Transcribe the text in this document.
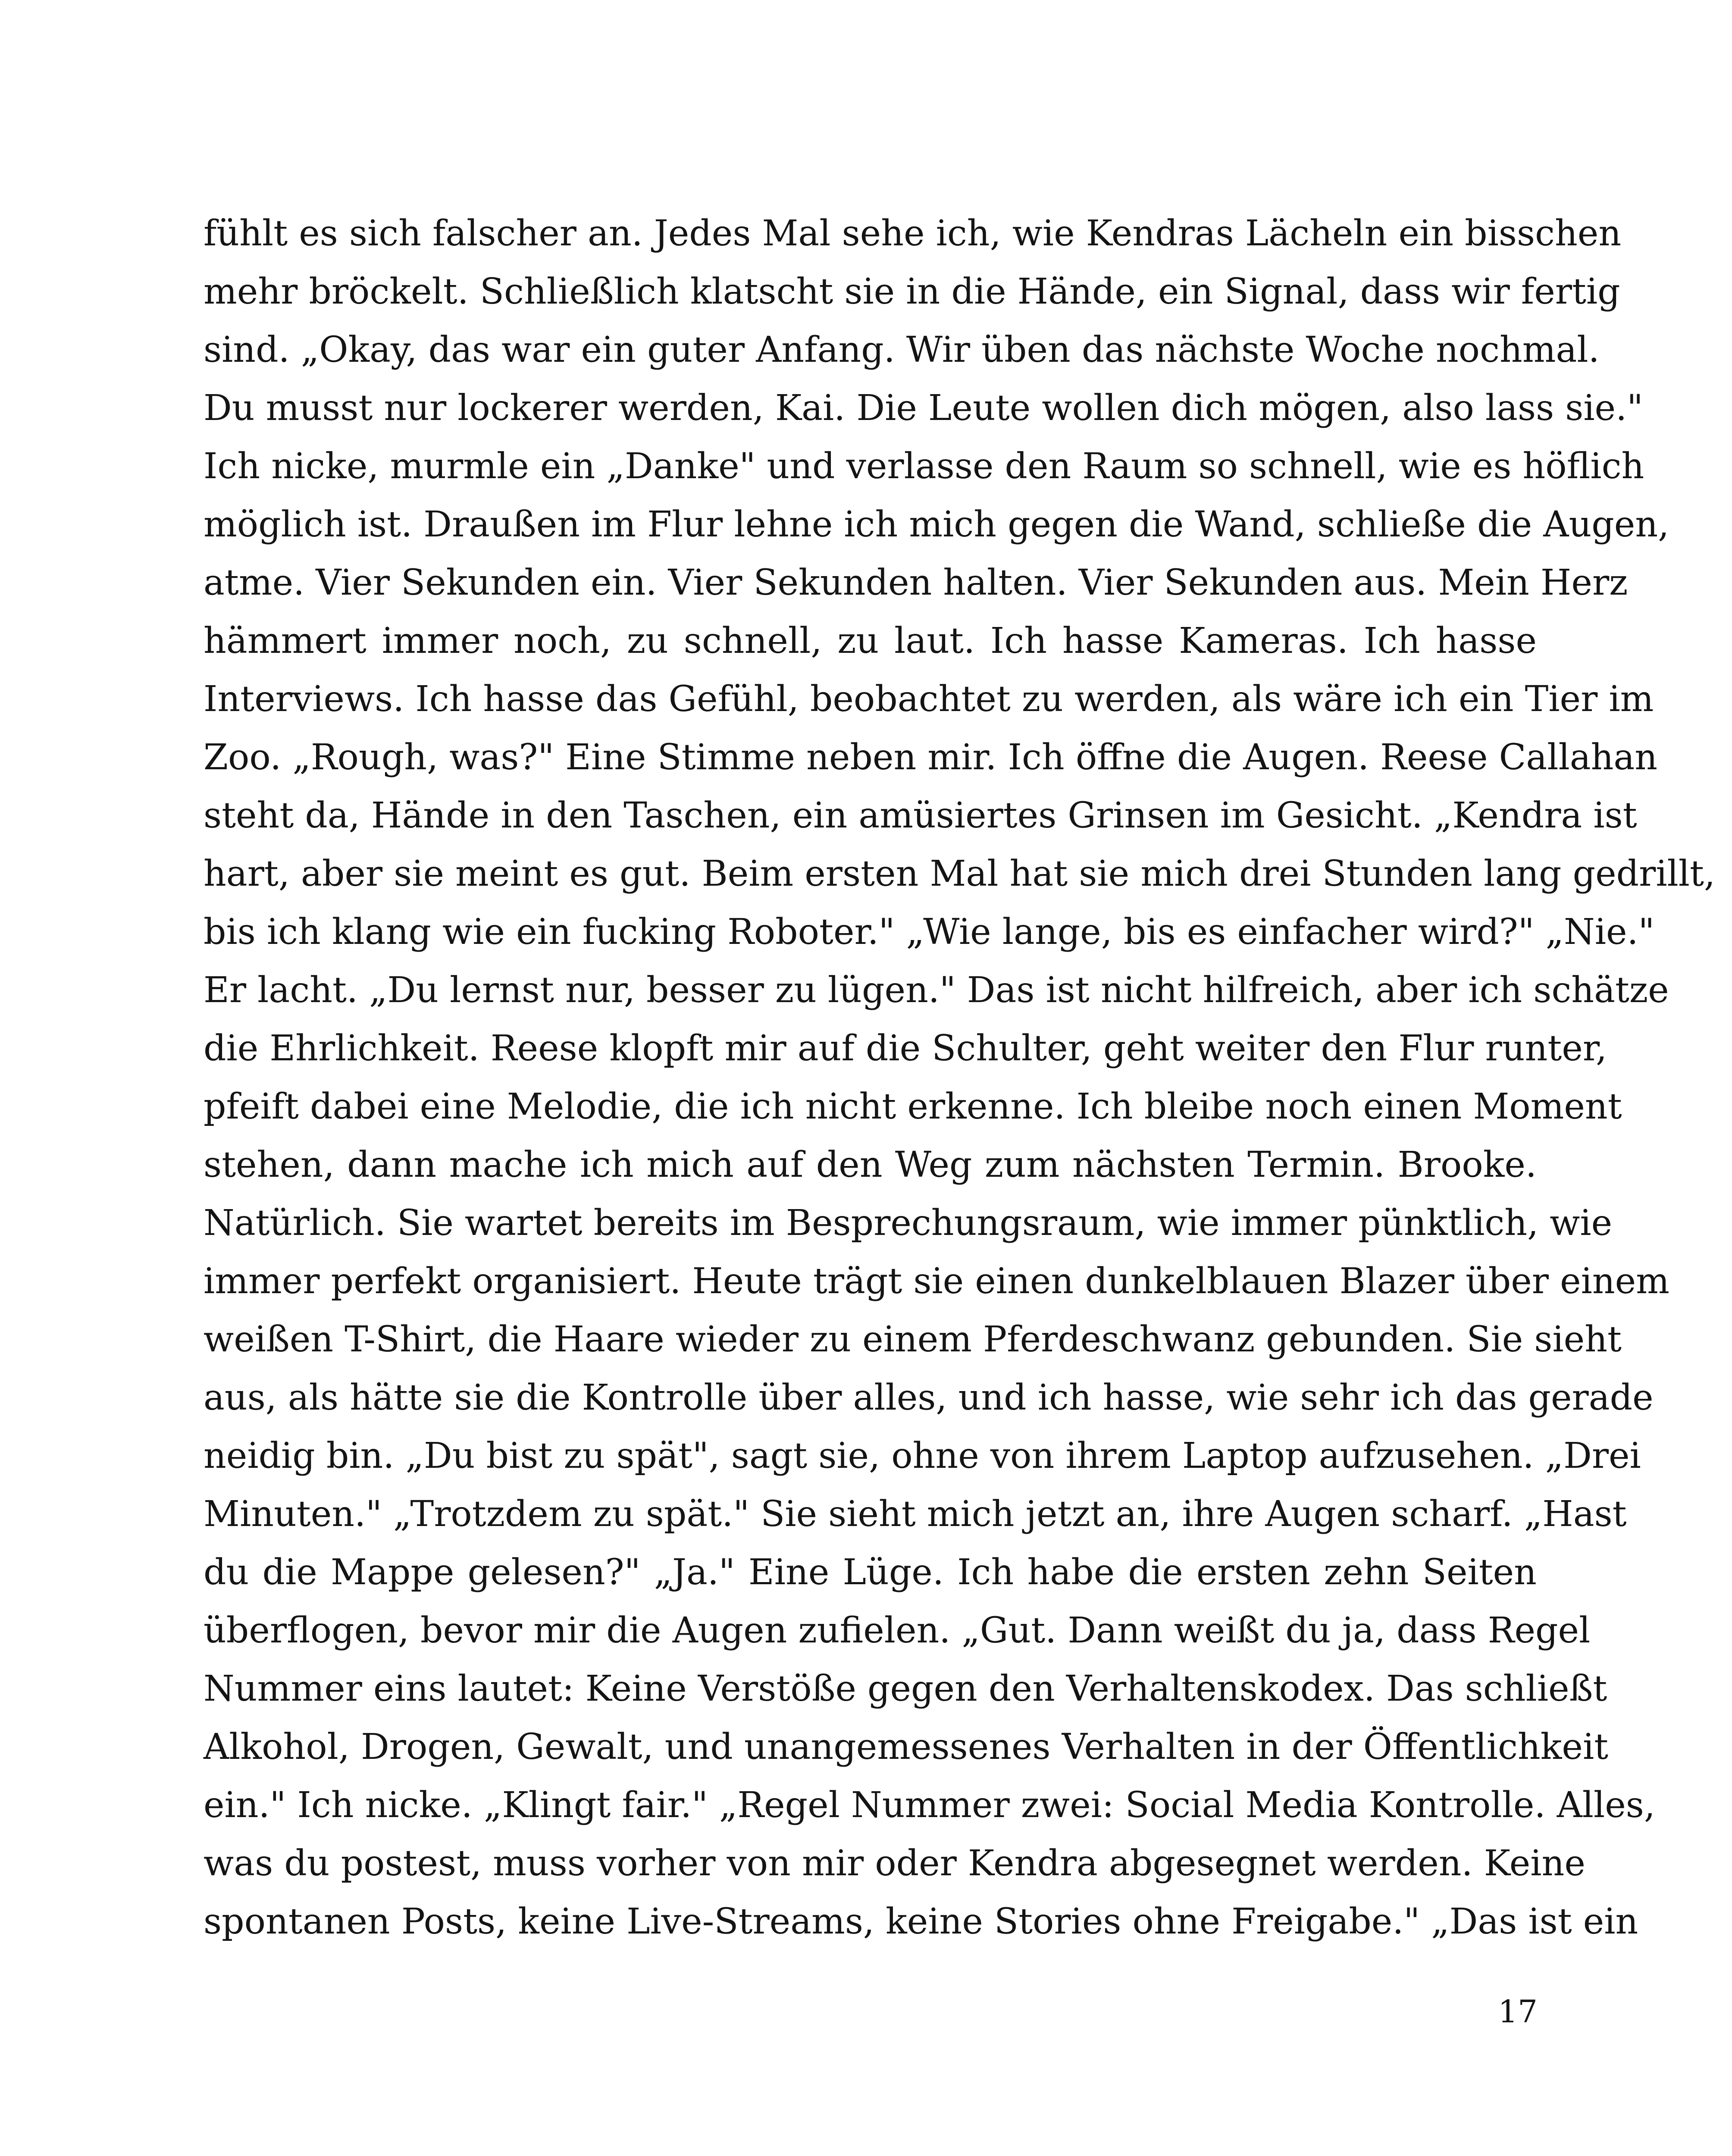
fühlt es sich falscher an. Jedes Mal sehe ich, wie Kendras Lächeln ein bisschen
mehr bröckelt. Schließlich klatscht sie in die Hände, ein Signal, dass wir fertig
sind. „Okay, das war ein guter Anfang. Wir üben das nächste Woche nochmal.
Du musst nur lockerer werden, Kai. Die Leute wollen dich mögen, also lass sie."
Ich nicke, murmle ein „Danke" und verlasse den Raum so schnell, wie es höflich
möglich ist. Draußen im Flur lehne ich mich gegen die Wand, schließe die Augen,
atme. Vier Sekunden ein. Vier Sekunden halten. Vier Sekunden aus. Mein Herz
hämmert immer noch, zu schnell, zu laut. Ich hasse Kameras. Ich hasse
Interviews. Ich hasse das Gefühl, beobachtet zu werden, als wäre ich ein Tier im
Zoo. „Rough, was?" Eine Stimme neben mir. Ich öffne die Augen. Reese Callahan
steht da, Hände in den Taschen, ein amüsiertes Grinsen im Gesicht. „Kendra ist
hart, aber sie meint es gut. Beim ersten Mal hat sie mich drei Stunden lang gedrillt,
bis ich klang wie ein fucking Roboter." „Wie lange, bis es einfacher wird?" „Nie."
Er lacht. „Du lernst nur, besser zu lügen." Das ist nicht hilfreich, aber ich schätze
die Ehrlichkeit. Reese klopft mir auf die Schulter, geht weiter den Flur runter,
pfeift dabei eine Melodie, die ich nicht erkenne. Ich bleibe noch einen Moment
stehen, dann mache ich mich auf den Weg zum nächsten Termin. Brooke.
Natürlich. Sie wartet bereits im Besprechungsraum, wie immer pünktlich, wie
immer perfekt organisiert. Heute trägt sie einen dunkelblauen Blazer über einem
weißen T-Shirt, die Haare wieder zu einem Pferdeschwanz gebunden. Sie sieht
aus, als hätte sie die Kontrolle über alles, und ich hasse, wie sehr ich das gerade
neidig bin. „Du bist zu spät", sagt sie, ohne von ihrem Laptop aufzusehen. „Drei
Minuten." „Trotzdem zu spät." Sie sieht mich jetzt an, ihre Augen scharf. „Hast
du die Mappe gelesen?" „Ja." Eine Lüge. Ich habe die ersten zehn Seiten
überflogen, bevor mir die Augen zufielen. „Gut. Dann weißt du ja, dass Regel
Nummer eins lautet: Keine Verstöße gegen den Verhaltenskodex. Das schließt
Alkohol, Drogen, Gewalt, und unangemessenes Verhalten in der Öffentlichkeit
ein." Ich nicke. „Klingt fair." „Regel Nummer zwei: Social Media Kontrolle. Alles,
was du postest, muss vorher von mir oder Kendra abgesegnet werden. Keine
spontanen Posts, keine Live-Streams, keine Stories ohne Freigabe." „Das ist ein
17
